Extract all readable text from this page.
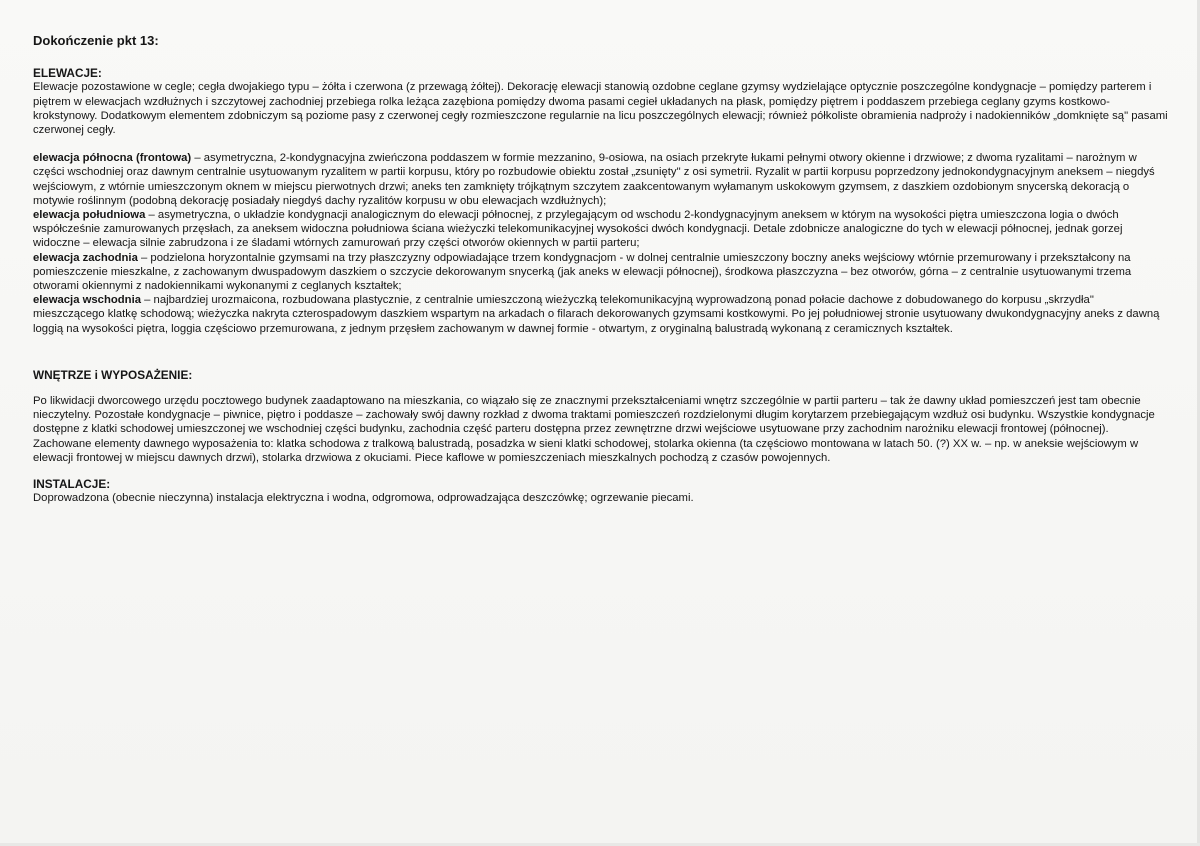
Dokończenie pkt 13:
ELEWACJE:

Elewacje pozostawione w cegle; cegła dwojakiego typu – żółta i czerwona (z przewagą żółtej). Dekorację elewacji stanowią ozdobne ceglane gzymsy wydzielające optycznie poszczególne kondygnacje – pomiędzy parterem i piętrem w elewacjach wzdłużnych i szczytowej zachodniej przebiega rolka leżąca zazębiona pomiędzy dwoma pasami cegieł układanych na płask, pomiędzy piętrem i poddaszem przebiega ceglany gzyms kostkowo-krokstynowy. Dodatkowym elementem zdobniczym są poziome pasy z czerwonej cegły rozmieszczone regularnie na licu poszczególnych elewacji; również półkoliste obramienia nadproży i nadokienników „domknięte są" pasami czerwonej cegły.

elewacja północna (frontowa) – asymetryczna, 2-kondygnacyjna zwieńczona poddaszem w formie mezzanino, 9-osiowa, na osiach przekryte łukami pełnymi otwory okienne i drzwiowe; z dwoma ryzalitami – narożnym w części wschodniej oraz dawnym centralnie usytuowanym ryzalitem w partii korpusu, który po rozbudowie obiektu został „zsunięty" z osi symetrii. Ryzalit w partii korpusu poprzedzony jednokondygnacyjnym aneksem – niegdyś wejściowym, z wtórnie umieszczonym oknem w miejscu pierwotnych drzwi; aneks ten zamknięty trójkątnym szczytem zaakcentowanym wyłamanym uskokowym gzymsem, z daszkiem ozdobionym snycerską dekoracją o motywie roślinnym (podobną dekorację posiadały niegdyś dachy ryzalitów korpusu w obu elewacjach wzdłużnych);

elewacja południowa – asymetryczna, o układzie kondygnacji analogicznym do elewacji północnej, z przylegającym od wschodu 2-kondygnacyjnym aneksem w którym na wysokości piętra umieszczona logia o dwóch współcześnie zamurowanych przęsłach, za aneksem widoczna południowa ściana wieżyczki telekomunikacyjnej wysokości dwóch kondygnacji. Detale zdobnicze analogiczne do tych w elewacji północnej, jednak gorzej widoczne – elewacja silnie zabrudzona i ze śladami wtórnych zamurowań przy części otworów okiennych w partii parteru;

elewacja zachodnia – podzielona horyzontalnie gzymsami na trzy płaszczyzny odpowiadające trzem kondygnacjom - w dolnej centralnie umieszczony boczny aneks wejściowy wtórnie przemurowany i przekształcony na pomieszczenie mieszkalne, z zachowanym dwuspadowym daszkiem o szczycie dekorowanym snycerką (jak aneks w elewacji północnej), środkowa płaszczyzna – bez otworów, górna – z centralnie usytuowanymi trzema otworami okiennymi z nadokiennikami wykonanymi z ceglanych kształtek;

elewacja wschodnia – najbardziej urozmaicona, rozbudowana plastycznie, z centralnie umieszczoną wieżyczką telekomunikacyjną wyprowadzoną ponad połacie dachowe z dobudowanego do korpusu „skrzydła" mieszczącego klatkę schodową; wieżyczka nakryta czterospadowym daszkiem wspartym na arkadach o filarach dekorowanych gzymsami kostkowymi. Po jej południowej stronie usytuowany dwukondygnacyjny aneks z dawną loggią na wysokości piętra, loggia częściowo przemurowana, z jednym przęsłem zachowanym w dawnej formie - otwartym, z oryginalną balustradą wykonaną z ceramicznych kształtek.

WNĘTRZE i WYPOSAŻENIE:

Po likwidacji dworcowego urzędu pocztowego budynek zaadaptowano na mieszkania, co wiązało się ze znacznymi przekształceniami wnętrz szczególnie w partii parteru – tak że dawny układ pomieszczeń jest tam obecnie nieczytelny. Pozostałe kondygnacje – piwnice, piętro i poddasze – zachowały swój dawny rozkład z dwoma traktami pomieszczeń rozdzielonymi długim korytarzem przebiegającym wzdłuż osi budynku. Wszystkie kondygnacje dostępne z klatki schodowej umieszczonej we wschodniej części budynku, zachodnia część parteru dostępna przez zewnętrzne drzwi wejściowe usytuowane przy zachodnim narożniku elewacji frontowej (północnej).

Zachowane elementy dawnego wyposażenia to: klatka schodowa z tralkową balustradą, posadzka w sieni klatki schodowej, stolarka okienna (ta częściowo montowana w latach 50. (?) XX w. – np. w aneksie wejściowym w elewacji frontowej w miejscu dawnych drzwi), stolarka drzwiowa z okuciami. Piece kaflowe w pomieszczeniach mieszkalnych pochodzą z czasów powojennych.

INSTALACJE:

Doprowadzona (obecnie nieczynna) instalacja elektryczna i wodna, odgromowa, odprowadzająca deszczówkę; ogrzewanie piecami.
